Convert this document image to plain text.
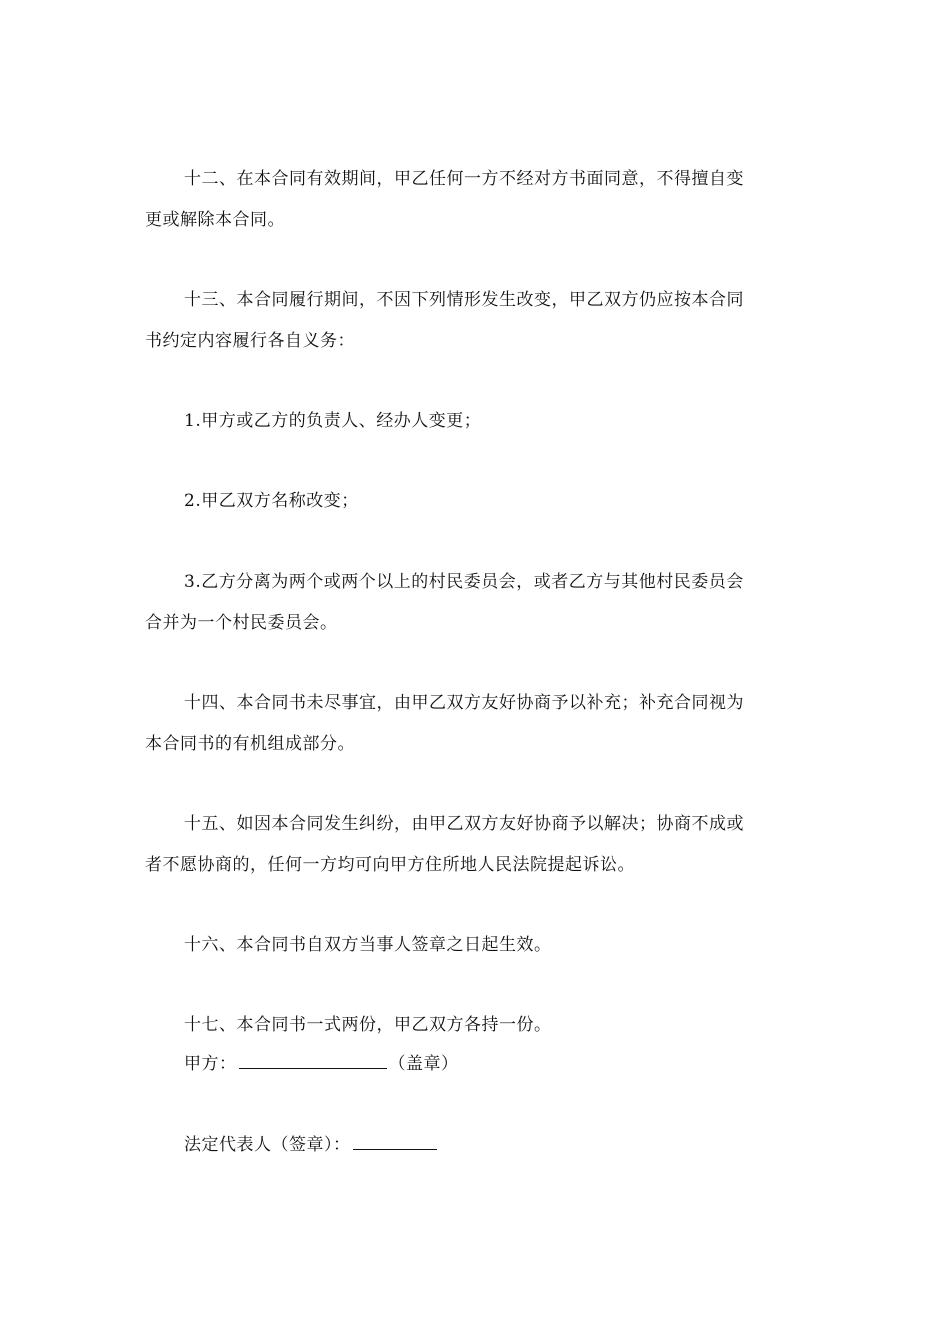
十二、在本合同有效期间，甲乙任何一方不经对方书面同意，不得擅自变
更或解除本合同。
十三、本合同履行期间，不因下列情形发生改变，甲乙双方仍应按本合同
书约定内容履行各自义务：
1.甲方或乙方的负责人、经办人变更；
2.甲乙双方名称改变；
3.乙方分离为两个或两个以上的村民委员会，或者乙方与其他村民委员会
合并为一个村民委员会。
十四、本合同书未尽事宜，由甲乙双方友好协商予以补充；补充合同视为
本合同书的有机组成部分。
十五、如因本合同发生纠纷，由甲乙双方友好协商予以解决；协商不成或
者不愿协商的，任何一方均可向甲方住所地人民法院提起诉讼。
十六、本合同书自双方当事人签章之日起生效。
十七、本合同书一式两份，甲乙双方各持一份。
甲方：	（盖章）
法定代表人（签章）：
